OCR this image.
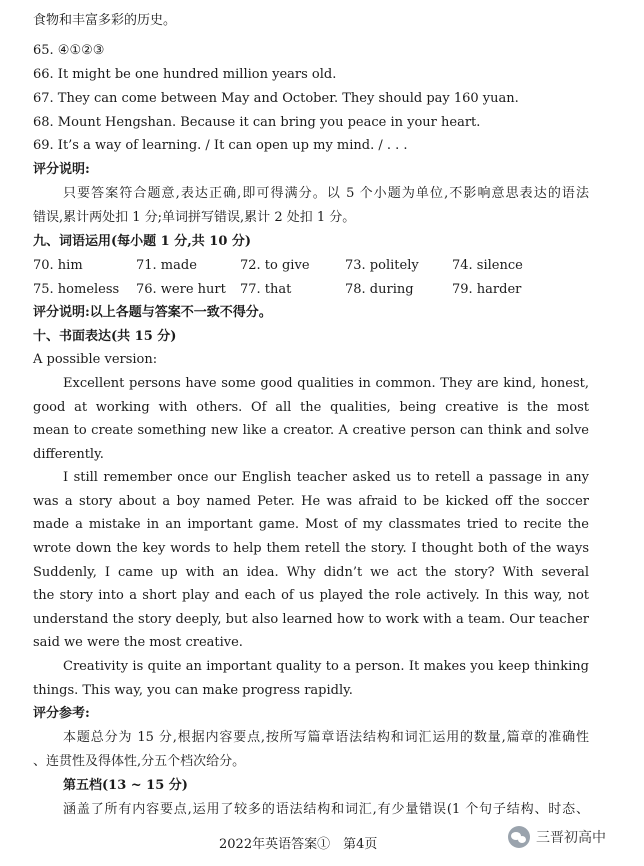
食物和丰富多彩的历史。
65. ④①②③
66. It might be one hundred million years old.
67. They can come between May and October. They should pay 160 yuan.
68. Mount Hengshan. Because it can bring you peace in your heart.
69. It’s a way of learning. / It can open up my mind. / . . .
评分说明:
只要答案符合题意,表达正确,即可得满分。以 5 个小题为单位,不影响意思表达的语法
错误,累计两处扣 1 分;单词拼写错误,累计 2 处扣 1 分。
九、词语运用(每小题 1 分,共 10 分)
70. him	71. made	72. to give	73. politely	74. silence
75. homeless 76. were hurt 77. that	78. during	79. harder
评分说明:以上各题与答案不一致不得分。
十、书面表达(共 15 分)
A possible version:
Excellent persons have some good qualities in common. They are kind, honest,
good at working with others. Of all the qualities, being creative is the most
mean to create something new like a creator. A creative person can think and solve
differently.
I still remember once our English teacher asked us to retell a passage in any
was a story about a boy named Peter. He was afraid to be kicked off the soccer
made a mistake in an important game. Most of my classmates tried to recite the
wrote down the key words to help them retell the story. I thought both of the ways
Suddenly, I came up with an idea. Why didn’t we act the story? With several
the story into a short play and each of us played the role actively. In this way, not
understand the story deeply, but also learned how to work with a team. Our teacher
said we were the most creative.
Creativity is quite an important quality to a person. It makes you keep thinking
things. This way, you can make progress rapidly.
评分参考:
本题总分为 15 分,根据内容要点,按所写篇章语法结构和词汇运用的数量,篇章的准确性
、连贯性及得体性,分五个档次给分。
第五档(13 ~ 15 分)
涵盖了所有内容要点,运用了较多的语法结构和词汇,有少量错误(1 个句子结构、时态、
2022年英语答案①　第4页	三晋初高中
